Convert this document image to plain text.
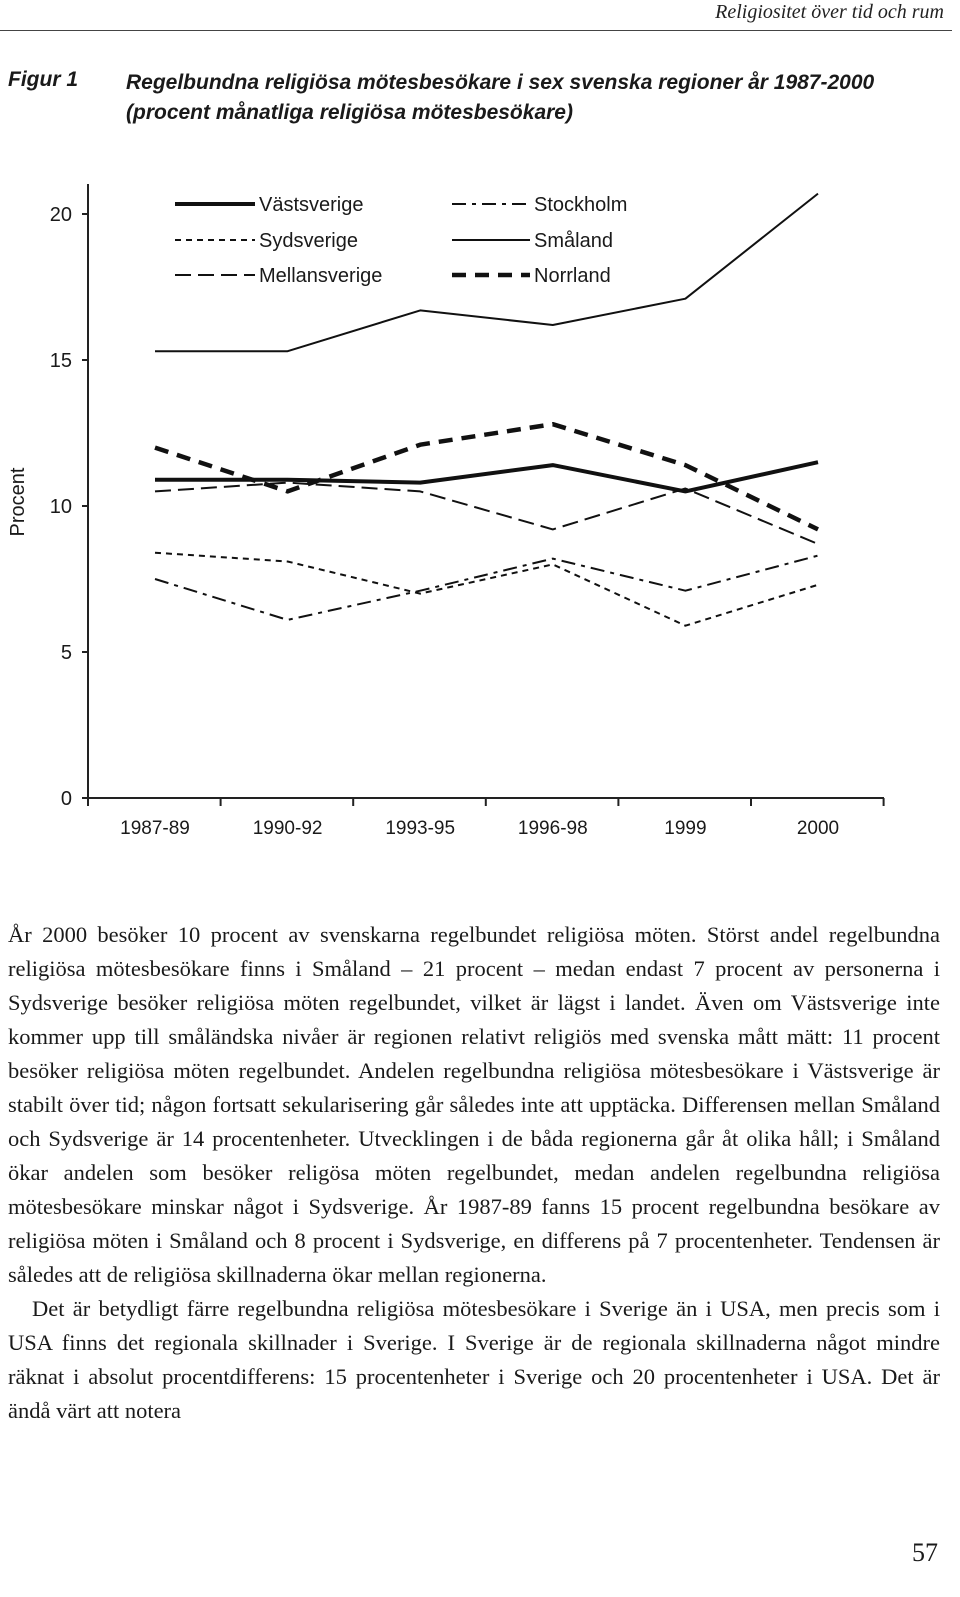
Religiositet över tid och rum
Figur 1 Regelbundna religiösa mötesbesökare i sex svenska regioner år 1987-2000 (procent månatliga religiösa mötesbesökare)
0
5
10
15
20
1987-89	1990-92	1993-95	1996-98	1999	2000
Västsverige
Sydsverige
Mellansverige
Stockholm
Småland
Norrland
Procent

År 2000 besöker 10 procent av svenskarna regelbundet religiösa möten. Störst andel regelbundna religiösa mötesbesökare finns i Småland – 21 procent – medan endast 7 procent av personerna i Sydsverige besöker religiösa möten regelbundet, vilket är lägst i landet. Även om Västsverige inte kommer upp till småländska nivåer är regionen relativt religiös med svenska mått mätt: 11 procent besöker religiösa möten regelbundet. Andelen regelbundna religiösa mötesbesökare i Västsverige är stabilt över tid; någon fortsatt sekularisering går således inte att upptäcka. Differensen mellan Småland och Sydsverige är 14 procentenheter. Utvecklingen i de båda regionerna går åt olika håll; i Småland ökar andelen som besöker religösa möten regelbundet, medan andelen regelbundna religiösa mötesbesökare minskar något i Sydsverige. År 1987-89 fanns 15 procent regelbundna besökare av religiösa möten i Småland och 8 procent i Sydsverige, en differens på 7 procentenheter. Tendensen är således att de religiösa skillnaderna ökar mellan regionerna.

Det är betydligt färre regelbundna religiösa mötesbesökare i Sverige än i USA, men precis som i USA finns det regionala skillnader i Sverige. I Sverige är de regionala skillnaderna något mindre räknat i absolut procentdifferens: 15 procentenheter i Sverige och 20 procentenheter i USA. Det är ändå värt att notera

57
